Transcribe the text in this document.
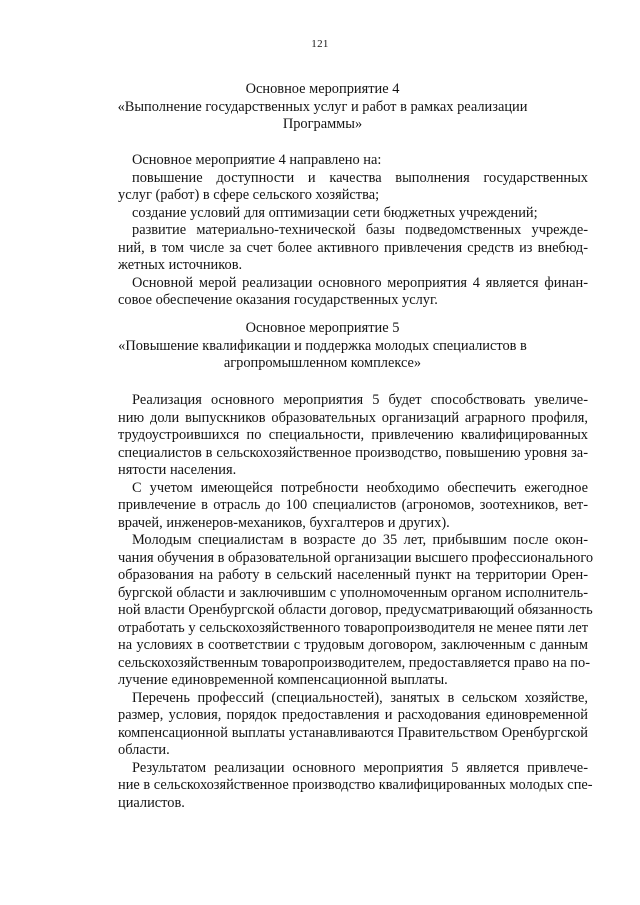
121
Основное мероприятие 4
«Выполнение государственных услуг и работ в рамках реализации
Программы»
Основное мероприятие 4 направлено на:
повышение доступности и качества выполнения государственных
услуг (работ) в сфере сельского хозяйства;
создание условий для оптимизации сети бюджетных учреждений;
развитие материально-технической базы подведомственных учрежде-
ний, в том числе за счет более активного привлечения средств из внебюд-
жетных источников.
Основной мерой реализации основного мероприятия 4 является финан-
совое обеспечение оказания государственных услуг.
Основное мероприятие 5
«Повышение квалификации и поддержка молодых специалистов в
агропромышленном комплексе»
Реализация основного мероприятия 5 будет способствовать увеличе-
нию доли выпускников образовательных организаций аграрного профиля,
трудоустроившихся по специальности, привлечению квалифицированных
специалистов в сельскохозяйственное производство, повышению уровня за-
нятости населения.
С учетом имеющейся потребности необходимо обеспечить ежегодное
привлечение в отрасль до 100 специалистов (агрономов, зоотехников, вет-
врачей, инженеров-механиков, бухгалтеров и других).
Молодым специалистам в возрасте до 35 лет, прибывшим после окон-
чания обучения в образовательной организации высшего профессионального
образования на работу в сельский населенный пункт на территории Орен-
бургской области и заключившим с уполномоченным органом исполнитель-
ной власти Оренбургской области договор, предусматривающий обязанность
отработать у сельскохозяйственного товаропроизводителя не менее пяти лет
на условиях в соответствии с трудовым договором, заключенным с данным
сельскохозяйственным товаропроизводителем, предоставляется право на по-
лучение единовременной компенсационной выплаты.
Перечень профессий (специальностей), занятых в сельском хозяйстве,
размер, условия, порядок предоставления и расходования единовременной
компенсационной выплаты устанавливаются Правительством Оренбургской
области.
Результатом реализации основного мероприятия 5 является привлече-
ние в сельскохозяйственное производство квалифицированных молодых спе-
циалистов.
